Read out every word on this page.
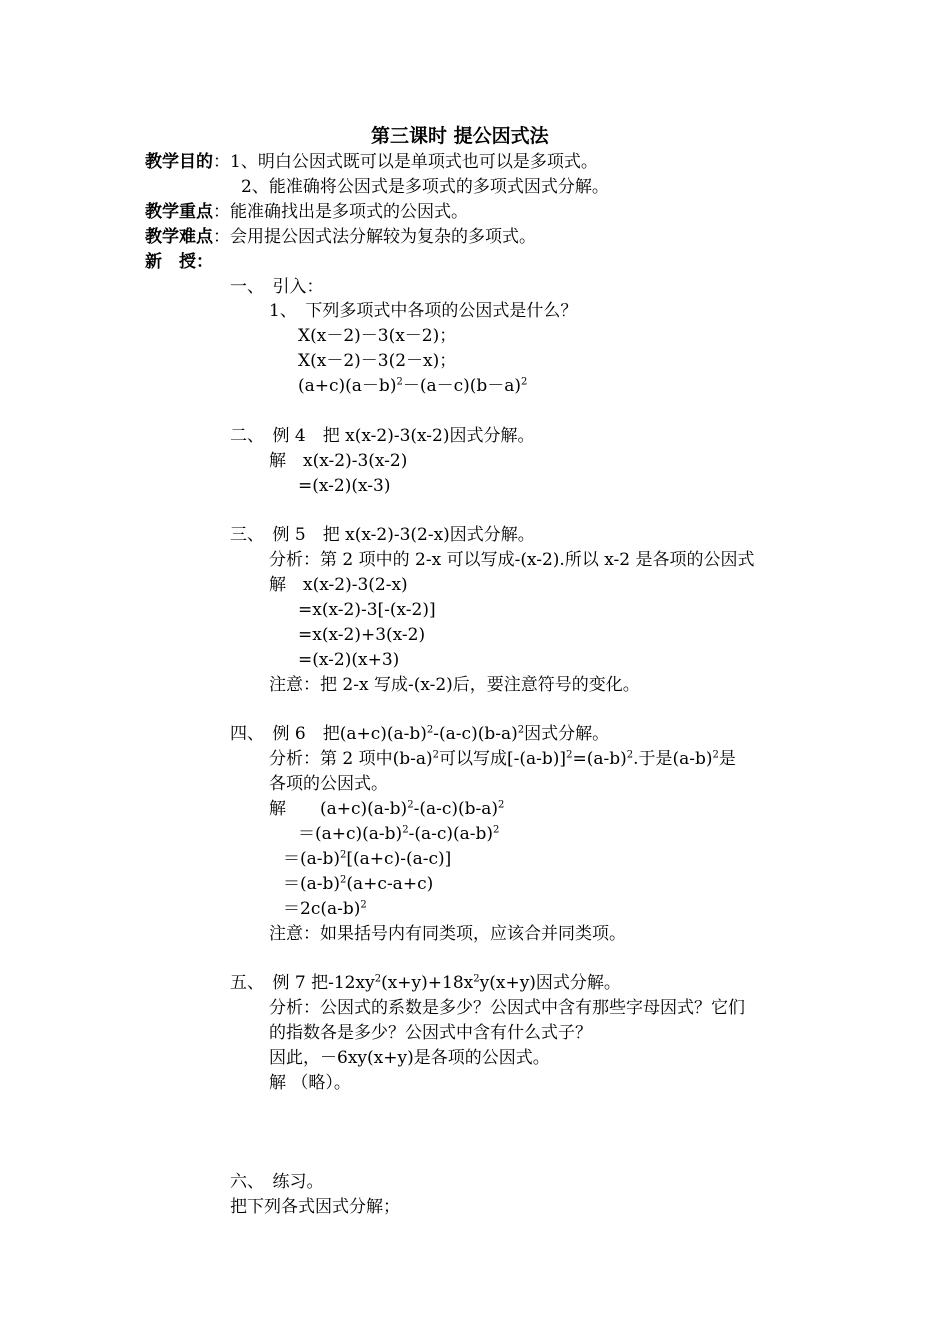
第三课时 提公因式法
教学目的：1、明白公因式既可以是单项式也可以是多项式。
2、能准确将公因式是多项式的多项式因式分解。
教学重点：能准确找出是多项式的公因式。
教学难点：会用提公因式法分解较为复杂的多项式。
新　授：
一、　引入：
1、　下列多项式中各项的公因式是什么？
X(x－2)－3(x－2)；
X(x－2)－3(2－x)；
$(a+c)(a-b)^2-(a-c)(b-a)^2$
二、　例 4　把 x(x-2)-3(x-2)因式分解。
解　x(x-2)-3(x-2)
=(x-2)(x-3)
三、　例 5　把 x(x-2)-3(2-x)因式分解。
分析：第 2 项中的 2-x 可以写成-(x-2).所以 x-2 是各项的公因式
解　x(x-2)-3(2-x)
=x(x-2)-3[-(x-2)]
=x(x-2)+3(x-2)
=(x-2)(x+3)
注意：把 2-x 写成-(x-2)后，要注意符号的变化。
四、　例 6　把$(a+c)(a-b)^2-(a-c)(b-a)^2$因式分解。
分析：第 2 项中$(b-a)^2$可以写成$[-(a-b)]^2=(a-b)^2$.于是$(a-b)^2$是
各项的公因式。
解　　$(a+c)(a-b)^2-(a-c)(b-a)^2$
$=(a+c)(a-b)^2-(a-c)(a-b)^2$
$=(a-b)^2[(a+c)-(a-c)]$
$=(a-b)^2(a+c-a+c)$
$=2c(a-b)^2$
注意：如果括号内有同类项，应该合并同类项。
五、　例 7 把$-12xy^2(x+y)+18x^2y(x+y)$因式分解。
分析：公因式的系数是多少？公因式中含有那些字母因式？它们
的指数各是多少？公因式中含有什么式子？
因此，－6xy(x+y)是各项的公因式。
解 （略）。
六、　练习。
把下列各式因式分解；
